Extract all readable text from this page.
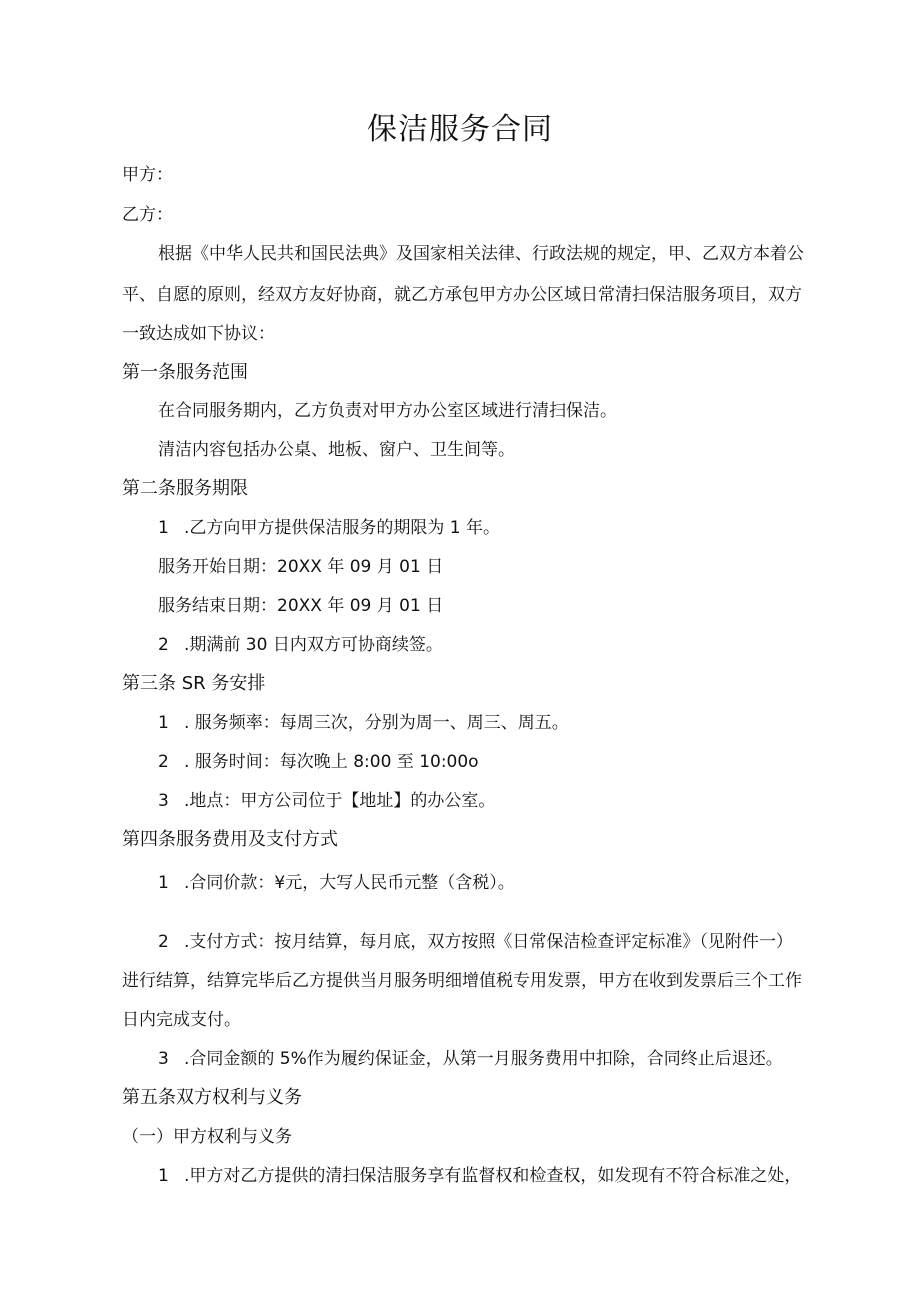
保洁服务合同
甲方：
乙方：
根据《中华人民共和国民法典》及国家相关法律、行政法规的规定，甲、乙双方本着公
平、自愿的原则，经双方友好协商，就乙方承包甲方办公区域日常清扫保洁服务项目，双方
一致达成如下协议：
第一条服务范围
在合同服务期内，乙方负责对甲方办公室区域进行清扫保洁。
清洁内容包括办公桌、地板、窗户、卫生间等。
第二条服务期限
1 .乙方向甲方提供保洁服务的期限为 1 年。
服务开始日期：20XX 年 09 月 01 日
服务结束日期：20XX 年 09 月 01 日
2 .期满前 30 日内双方可协商续签。
第三条 SR 务安排
1 . 服务频率：每周三次，分别为周一、周三、周五。
2 . 服务时间：每次晚上 8:00 至 10:00o
3 .地点：甲方公司位于【地址】的办公室。
第四条服务费用及支付方式
1 .合同价款：¥元，大写人民币元整（含税）。
2 .支付方式：按月结算，每月底，双方按照《日常保洁检查评定标准》（见附件一）
进行结算，结算完毕后乙方提供当月服务明细增值税专用发票，甲方在收到发票后三个工作
日内完成支付。
3 .合同金额的 5%作为履约保证金，从第一月服务费用中扣除，合同终止后退还。
第五条双方权利与义务
（一）甲方权利与义务
1 .甲方对乙方提供的清扫保洁服务享有监督权和检查权，如发现有不符合标准之处，
